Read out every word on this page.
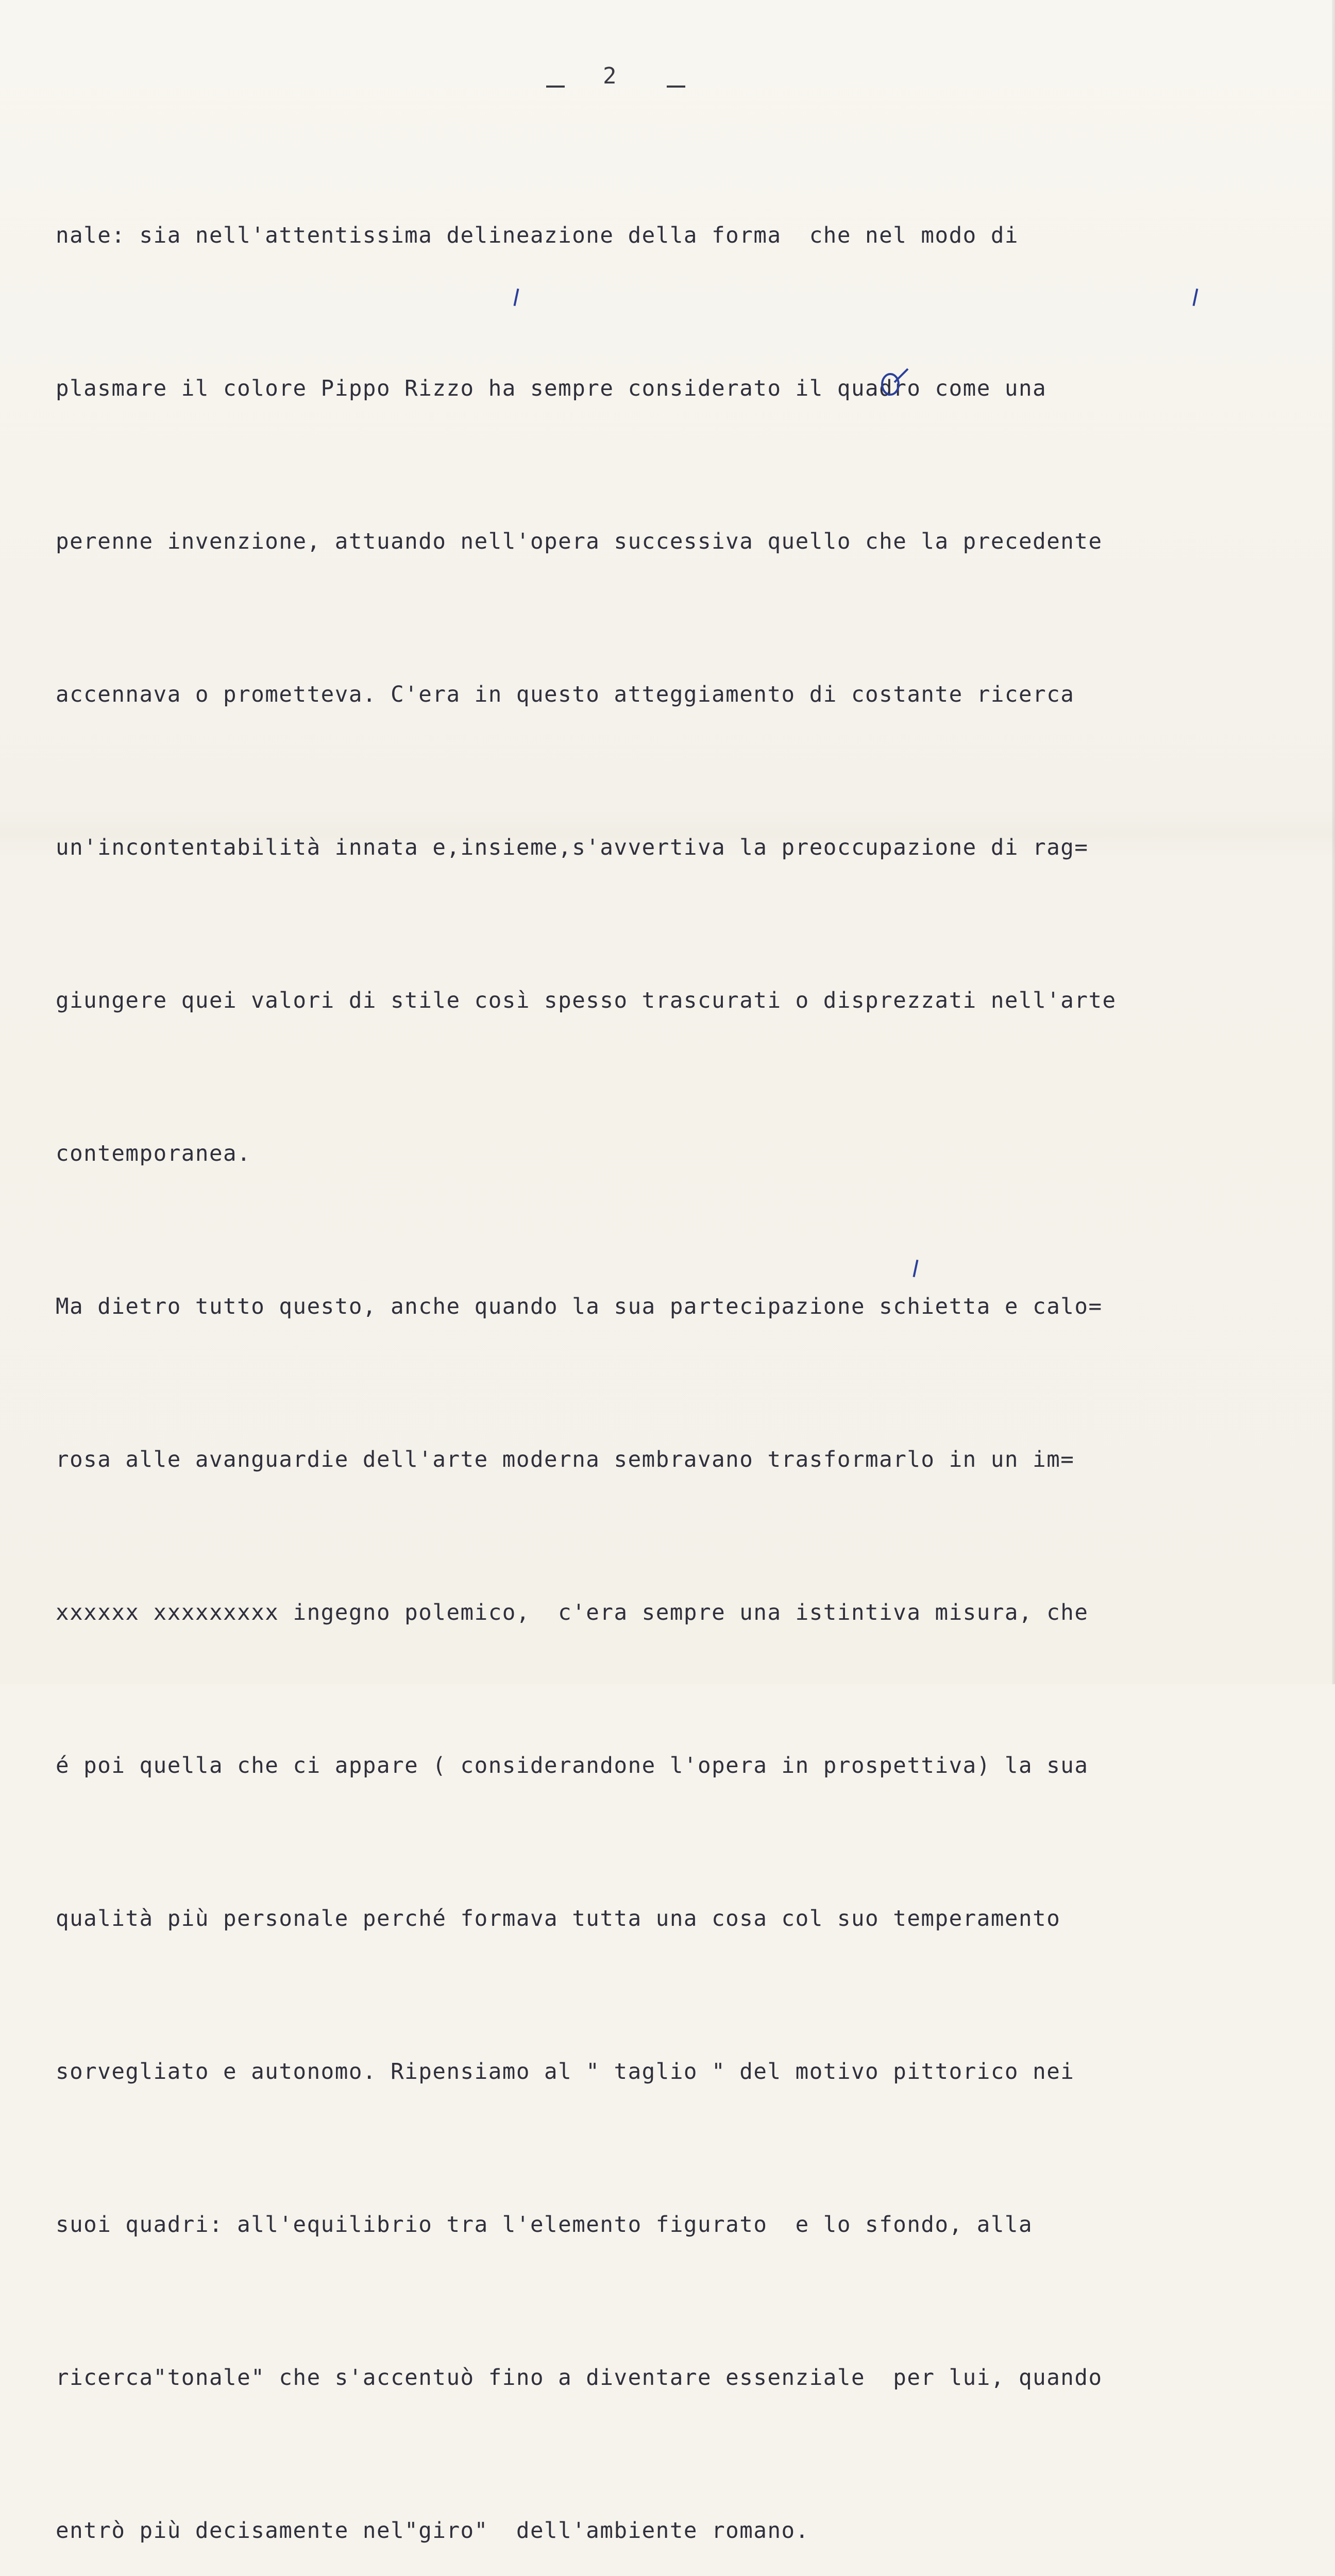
2

nale: sia nell'attentissima delineazione della forma  che nel modo di

plasmare il colore Pippo Rizzo ha sempre considerato il quadro come una

perenne invenzione, attuando nell'opera successiva quello che la precedente

accennava o prometteva. C'era in questo atteggiamento di costante ricerca

un'incontentabilità innata e,insieme,s'avvertiva la preoccupazione di rag=

giungere quei valori di stile così spesso trascurati o disprezzati nell'arte

contemporanea.

Ma dietro tutto questo, anche quando la sua partecipazione schietta e calo=

rosa alle avanguardie dell'arte moderna sembravano trasformarlo in un im=

xxxxxx xxxxxxxxx ingegno polemico,  c'era sempre una istintiva misura, che

é poi quella che ci appare ( considerandone l'opera in prospettiva) la sua

qualità più personale perché formava tutta una cosa col suo temperamento

sorvegliato e autonomo. Ripensiamo al " taglio " del motivo pittorico nei

suoi quadri: all'equilibrio tra l'elemento figurato  e lo sfondo, alla

ricerca"tonale" che s'accentuò fino a diventare essenziale  per lui, quando

entrò più decisamente nel"giro"  dell'ambiente romano.
